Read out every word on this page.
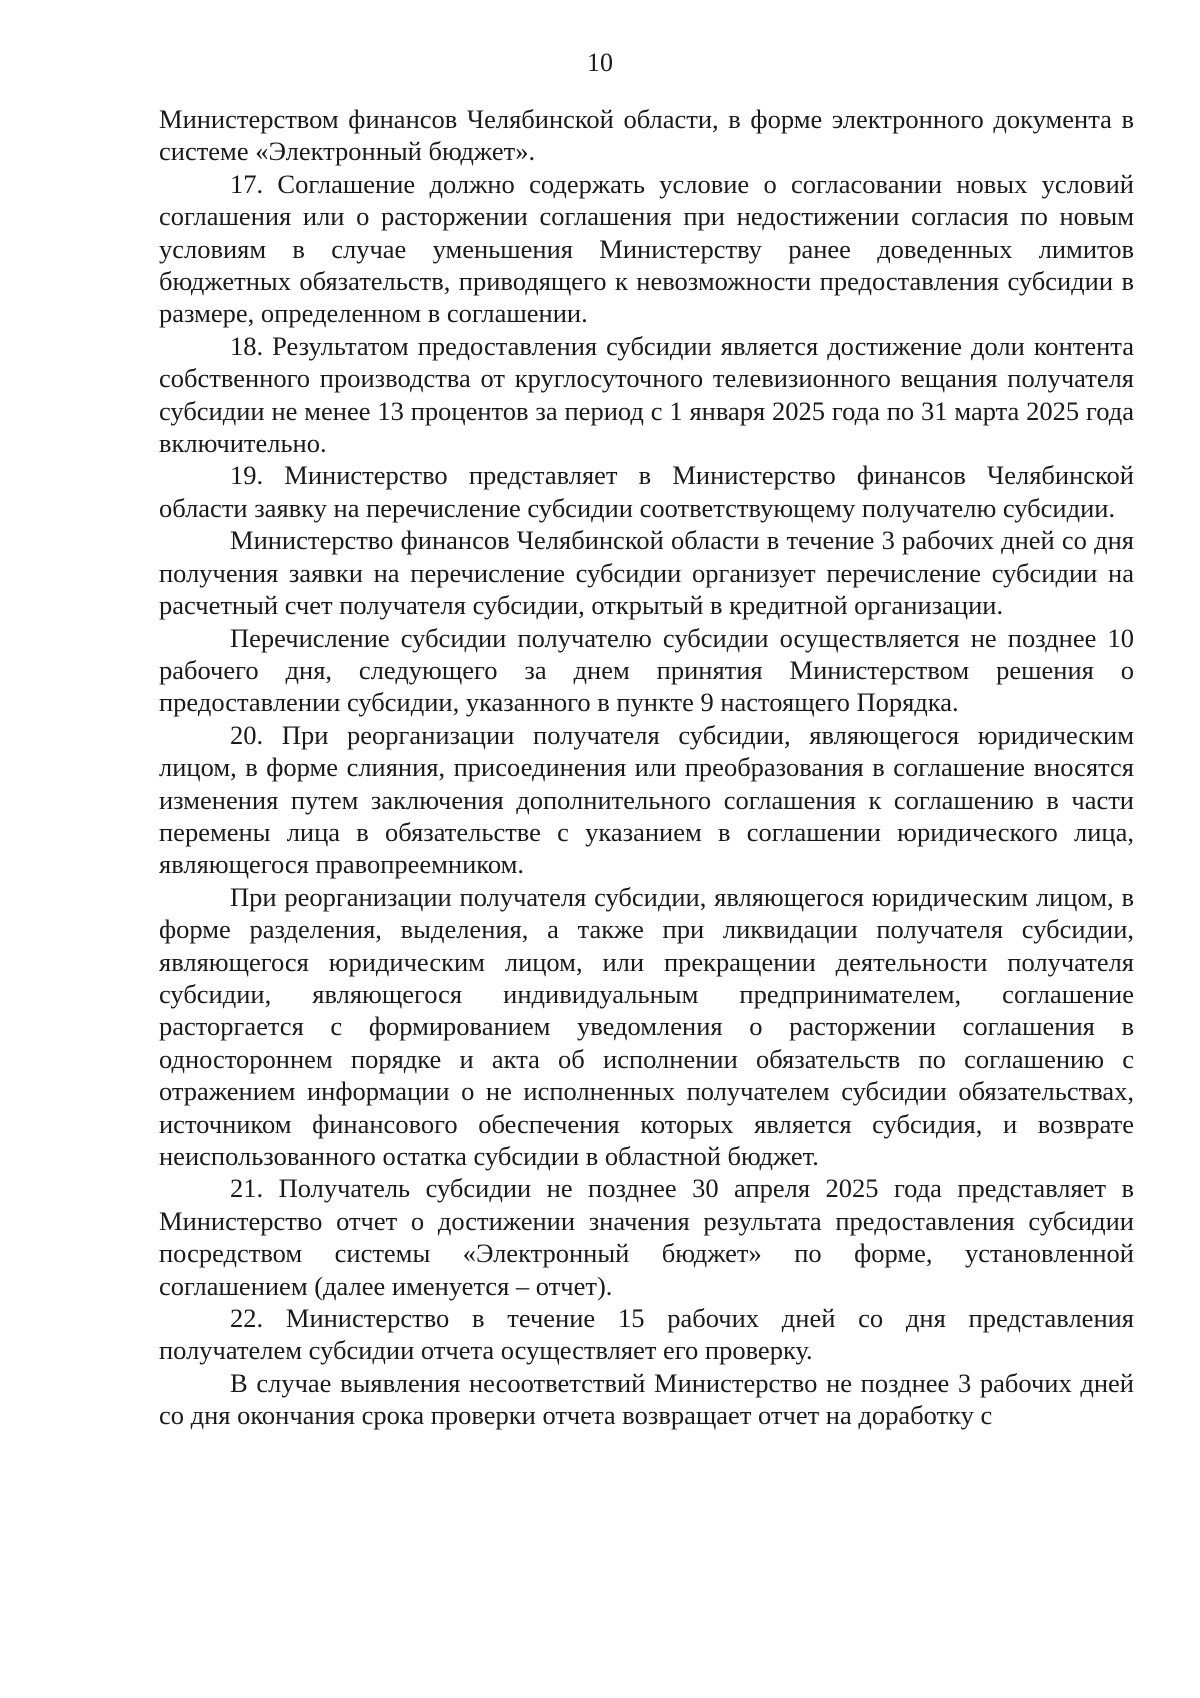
10

Министерством финансов Челябинской области, в форме электронного документа в системе «Электронный бюджет».

17. Соглашение должно содержать условие о согласовании новых условий соглашения или о расторжении соглашения при недостижении согласия по новым условиям в случае уменьшения Министерству ранее доведенных лимитов бюджетных обязательств, приводящего к невозможности предоставления субсидии в размере, определенном в соглашении.

18. Результатом предоставления субсидии является достижение доли контента собственного производства от круглосуточного телевизионного вещания получателя субсидии не менее 13 процентов за период с 1 января 2025 года по 31 марта 2025 года включительно.

19. Министерство представляет в Министерство финансов Челябинской области заявку на перечисление субсидии соответствующему получателю субсидии.

Министерство финансов Челябинской области в течение 3 рабочих дней со дня получения заявки на перечисление субсидии организует перечисление субсидии на расчетный счет получателя субсидии, открытый в кредитной организации.

Перечисление субсидии получателю субсидии осуществляется не позднее 10 рабочего дня, следующего за днем принятия Министерством решения о предоставлении субсидии, указанного в пункте 9 настоящего Порядка.

20. При реорганизации получателя субсидии, являющегося юридическим лицом, в форме слияния, присоединения или преобразования в соглашение вносятся изменения путем заключения дополнительного соглашения к соглашению в части перемены лица в обязательстве с указанием в соглашении юридического лица, являющегося правопреемником.

При реорганизации получателя субсидии, являющегося юридическим лицом, в форме разделения, выделения, а также при ликвидации получателя субсидии, являющегося юридическим лицом, или прекращении деятельности получателя субсидии, являющегося индивидуальным предпринимателем, соглашение расторгается с формированием уведомления о расторжении соглашения в одностороннем порядке и акта об исполнении обязательств по соглашению с отражением информации о не исполненных получателем субсидии обязательствах, источником финансового обеспечения которых является субсидия, и возврате неиспользованного остатка субсидии в областной бюджет.

21. Получатель субсидии не позднее 30 апреля 2025 года представляет в Министерство отчет о достижении значения результата предоставления субсидии посредством системы «Электронный бюджет» по форме, установленной соглашением (далее именуется – отчет).

22. Министерство в течение 15 рабочих дней со дня представления получателем субсидии отчета осуществляет его проверку.

В случае выявления несоответствий Министерство не позднее 3 рабочих дней со дня окончания срока проверки отчета возвращает отчет на доработку с
